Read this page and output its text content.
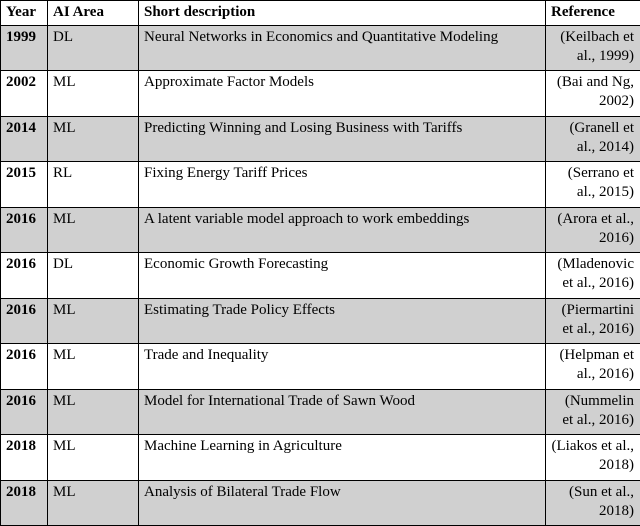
Year	AI Area	Short description	Reference
1999	DL	Neural Networks in Economics and Quantitative Modeling	(Keilbach et al., 1999)
2002	ML	Approximate Factor Models	(Bai and Ng, 2002)
2014	ML	Predicting Winning and Losing Business with Tariffs	(Granell et al., 2014)
2015	RL	Fixing Energy Tariff Prices	(Serrano et al., 2015)
2016	ML	A latent variable model approach to work embeddings	(Arora et al., 2016)
2016	DL	Economic Growth Forecasting	(Mladenovic et al., 2016)
2016	ML	Estimating Trade Policy Effects	(Piermartini et al., 2016)
2016	ML	Trade and Inequality	(Helpman et al., 2016)
2016	ML	Model for International Trade of Sawn Wood	(Nummelin et al., 2016)
2018	ML	Machine Learning in Agriculture	(Liakos et al., 2018)
2018	ML	Analysis of Bilateral Trade Flow	(Sun et al., 2018)
